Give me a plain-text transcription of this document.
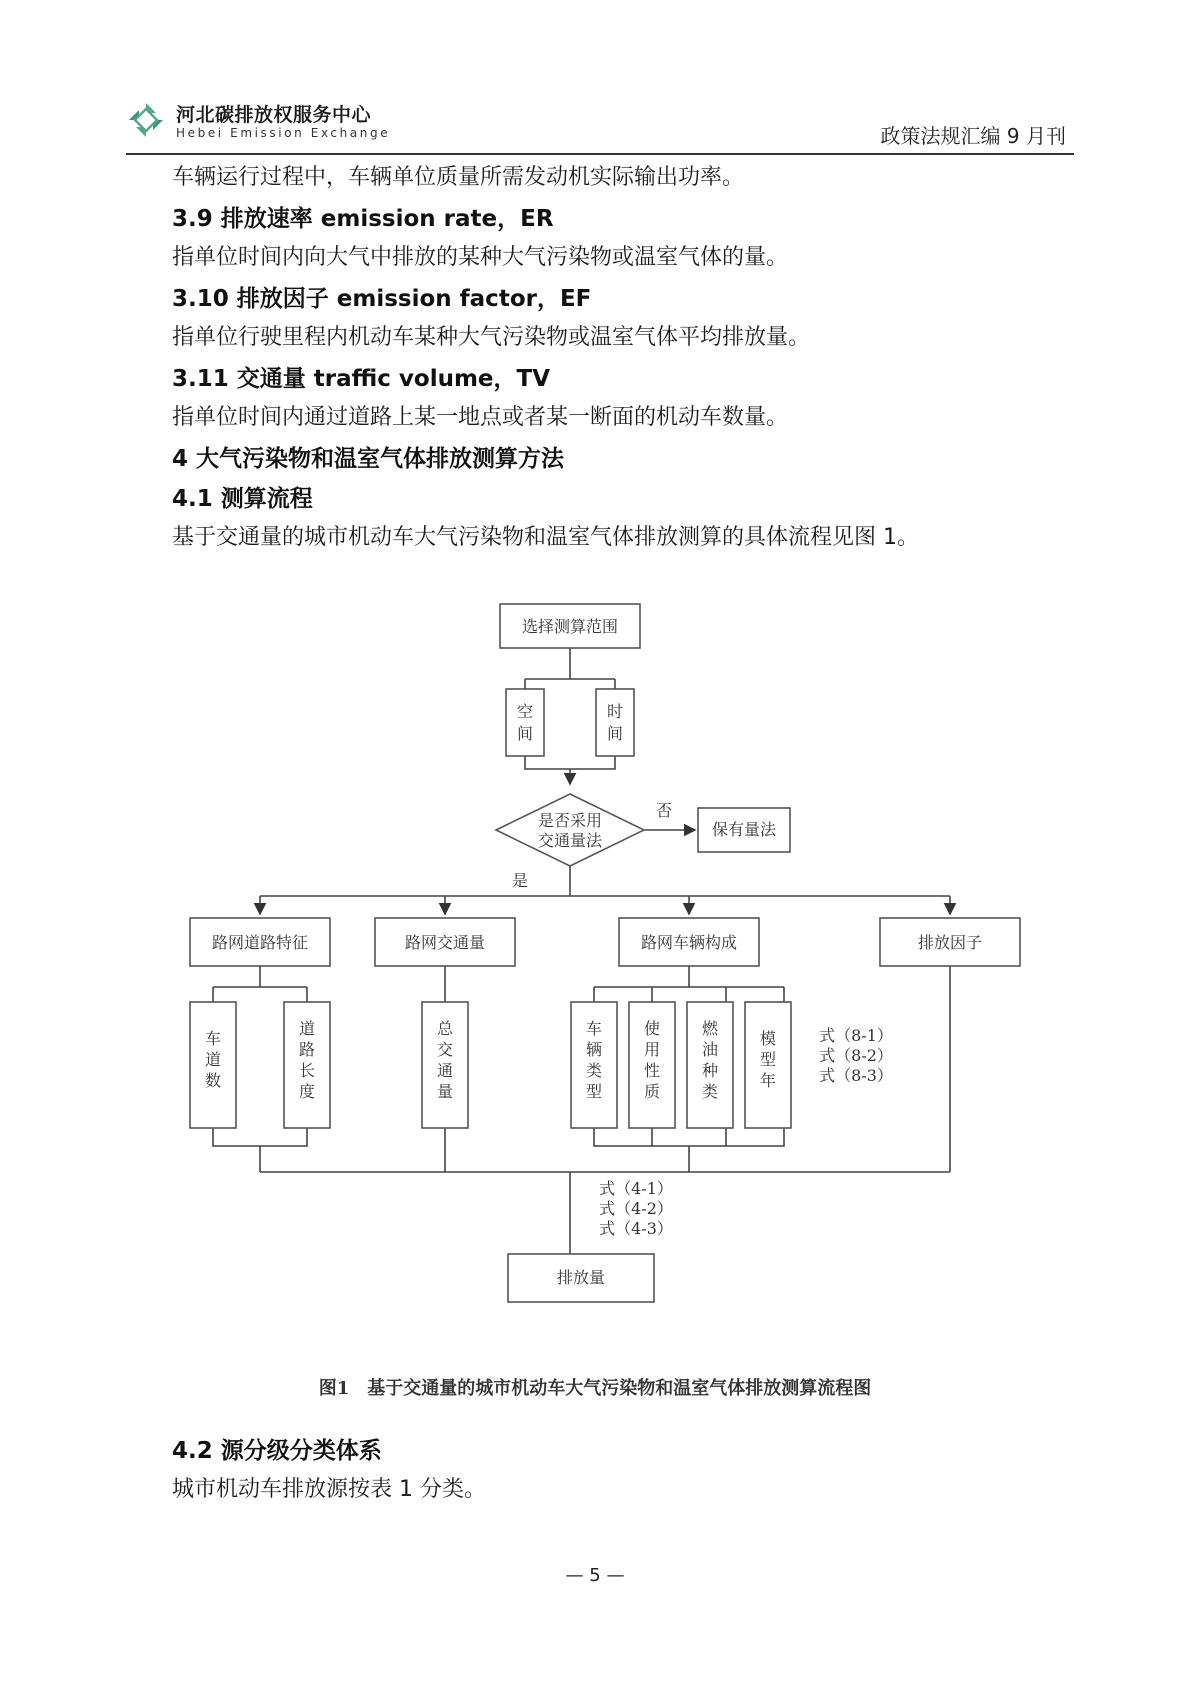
河北碳排放权服务中心
Hebei Emission Exchange	政策法规汇编 9 月刊
车辆运行过程中，车辆单位质量所需发动机实际输出功率。
3.9 排放速率 emission rate，ER
指单位时间内向大气中排放的某种大气污染物或温室气体的量。
3.10 排放因子 emission factor，EF
指单位行驶里程内机动车某种大气污染物或温室气体平均排放量。
3.11 交通量 traffic volume，TV
指单位时间内通过道路上某一地点或者某一断面的机动车数量。
4 大气污染物和温室气体排放测算方法
4.1 测算流程
基于交通量的城市机动车大气污染物和温室气体排放测算的具体流程见图 1。
4.2 源分级分类体系
城市机动车排放源按表 1 分类。
选择测算范围
空
间
时
间
是否采用
交通量法
否
是
保有量法
路网道路特征	路网交通量	路网车辆构成	排放因子
车
道
数
道
路
长
度
总
交
通
量
车
辆
类
型
使
用
性
质
燃
油
种
类
模
型
年
式（8-1）
式（8-2）
式（8-3）
式（4-1）
式（4-2）
式（4-3）
排放量
图1　基于交通量的城市机动车大气污染物和温室气体排放测算流程图
— 5 —
